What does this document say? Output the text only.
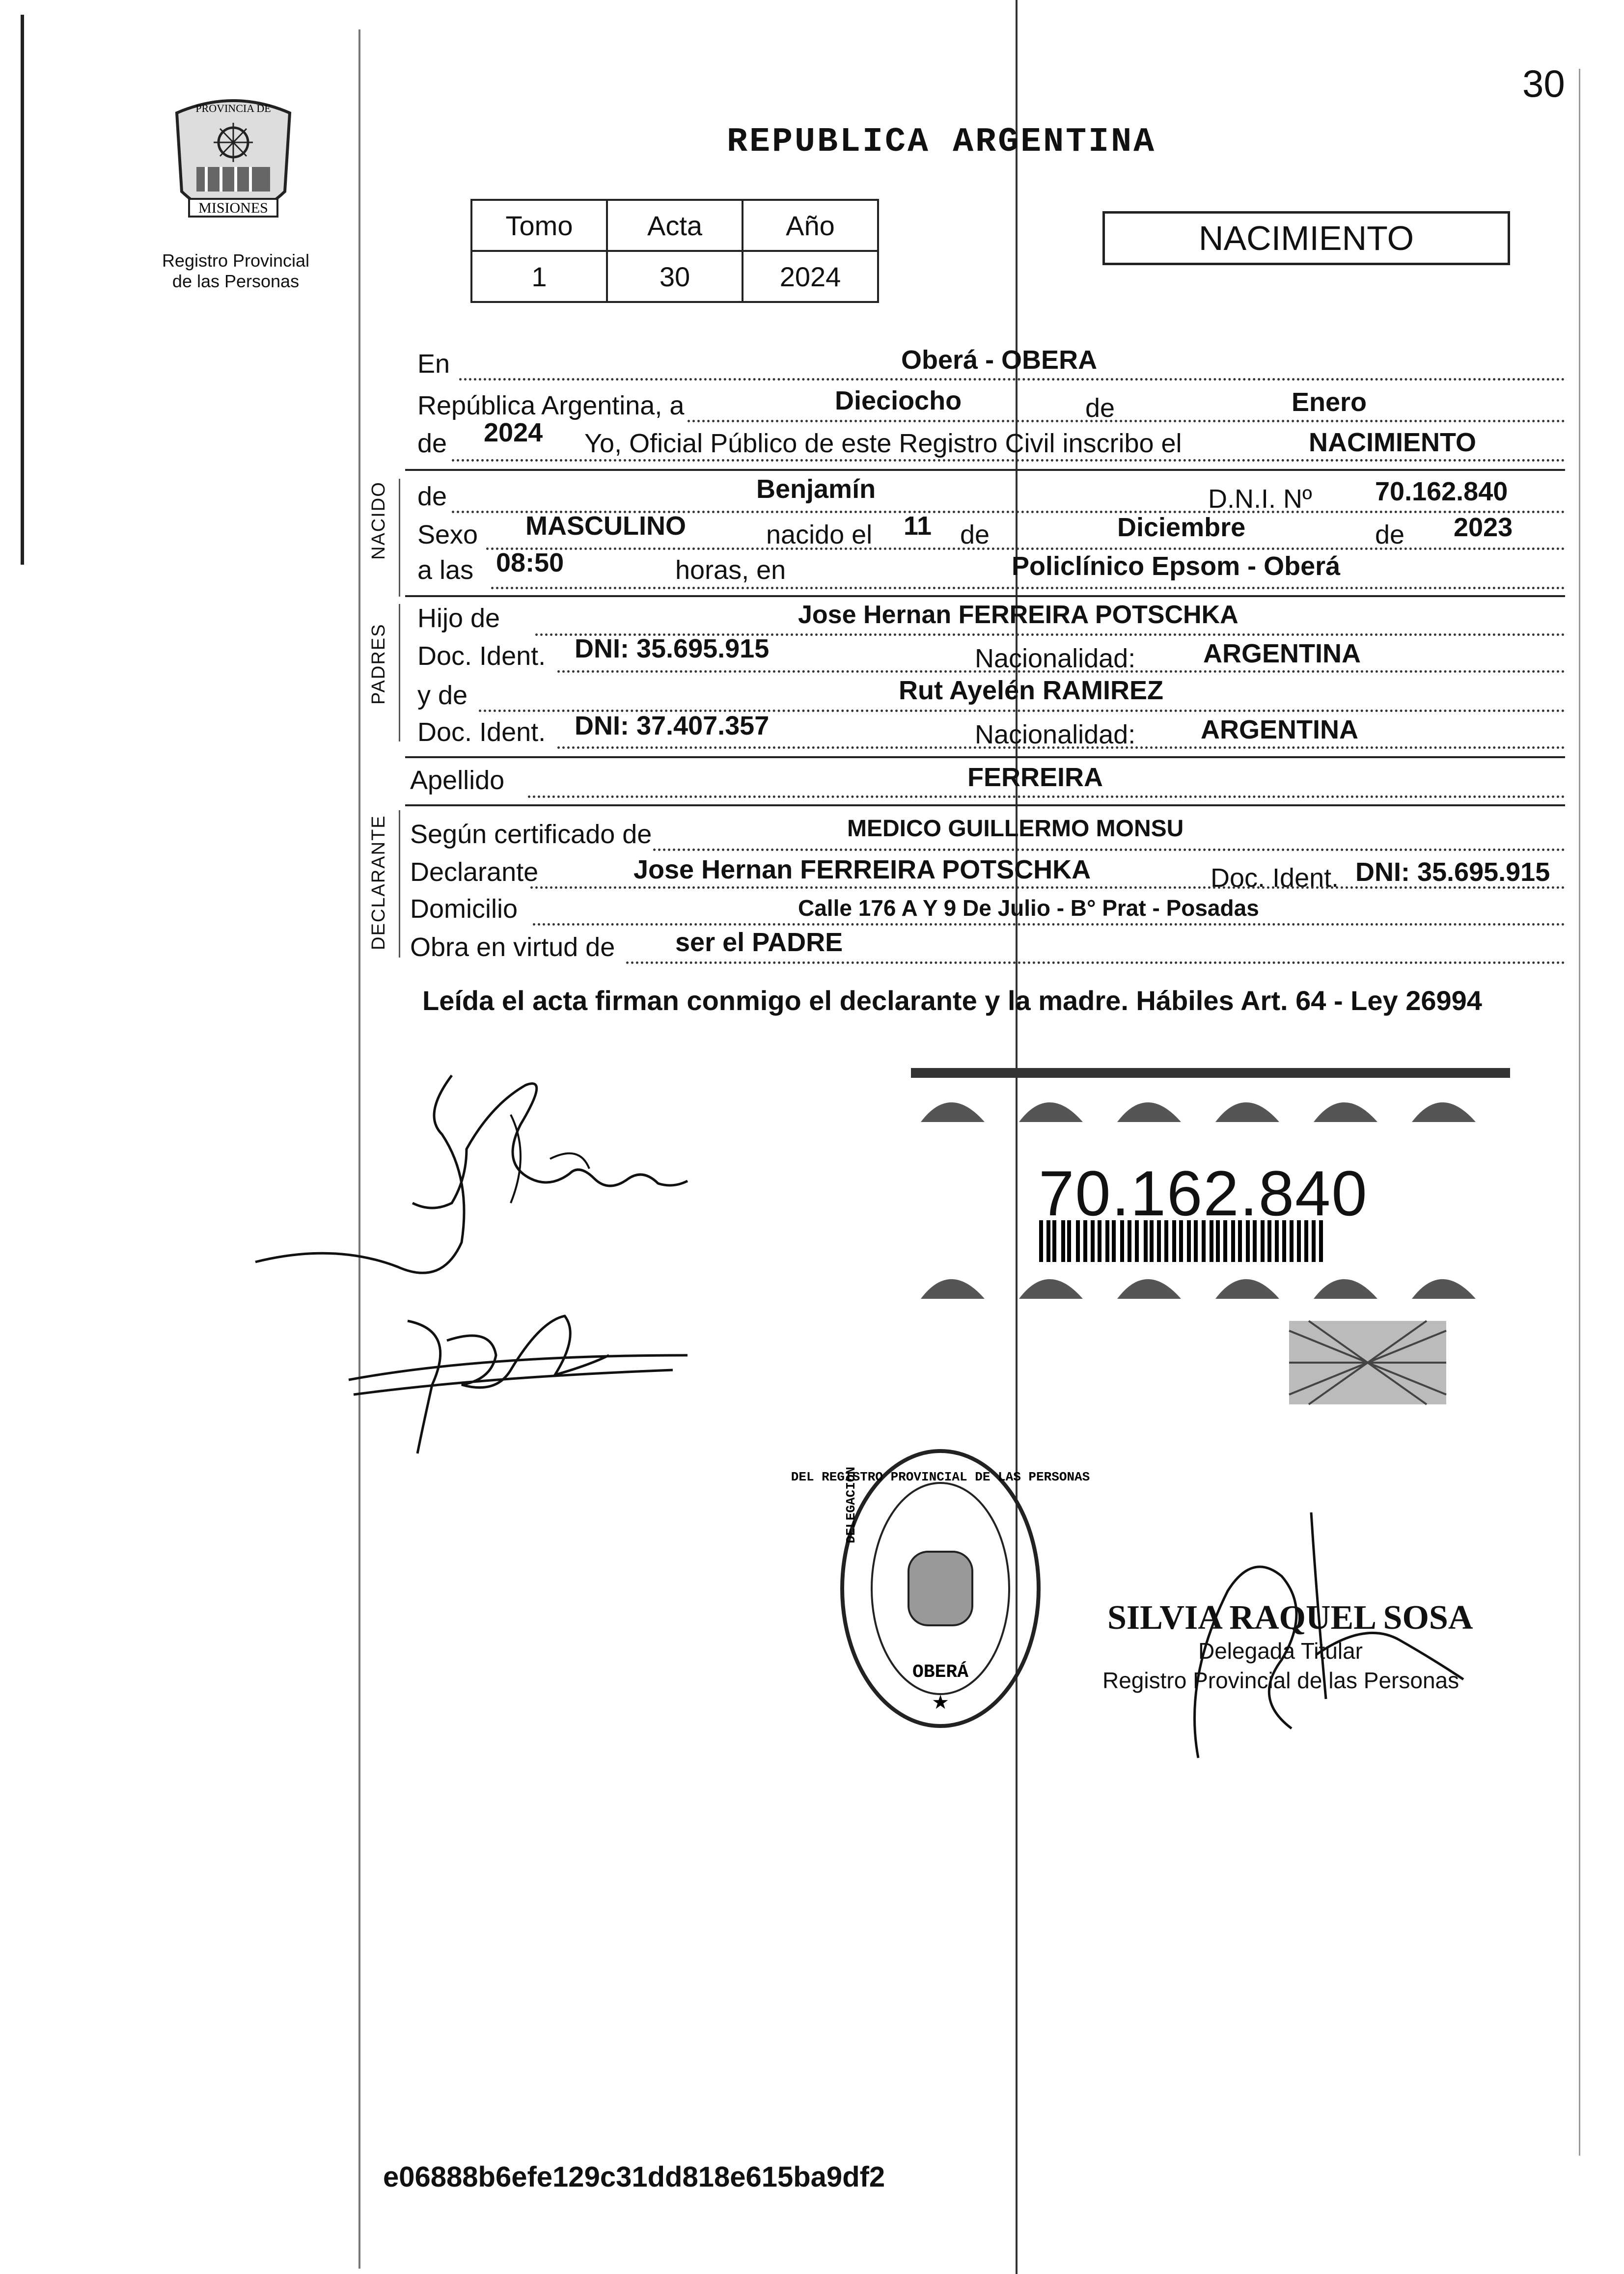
30
MISIONES
PROVINCIA DE
Registro Provincial
de las Personas
REPUBLICA ARGENTINA
Tomo	Acta	Año
1	30	2024
NACIMIENTO
En	Oberá - OBERA
República Argentina, a	Dieciocho	de	Enero
de 2024 Yo, Oficial Público de este Registro Civil inscribo el	NACIMIENTO
NACIDO de	Benjamín	D.N.I. Nº 70.162.840
Sexo MASCULINO	nacido el 11 de	Diciembre	de 2023
a las 08:50	horas, en	Policlínico Epsom - Oberá
PADRES
Hijo de	Jose Hernan FERREIRA POTSCHKA
Doc. Ident. DNI: 35.695.915	Nacionalidad:	ARGENTINA
y de	Rut Ayelén RAMIREZ
Doc. Ident. DNI: 37.407.357	Nacionalidad: ARGENTINA
Apellido	FERREIRA
DECLARANTE Según certificado de	MEDICO GUILLERMO MONSU
Declarante	Jose Hernan FERREIRA POTSCHKA	Doc. Ident. DNI: 35.695.915
Domicilio	Calle 176 A Y 9 De Julio - B° Prat - Posadas
Obra en virtud de ser el PADRE
Leída el acta firman conmigo el declarante y la madre. Hábiles Art. 64 - Ley 26994
70.162.840
OBERÁ
★
DEL REGISTRO PROVINCIAL DE LAS PERSONAS
DELEGACION
SILVIA RAQUEL SOSA
Delegada Titular
Registro Provincial de las Personas
e06888b6efe129c31dd818e615ba9df2
